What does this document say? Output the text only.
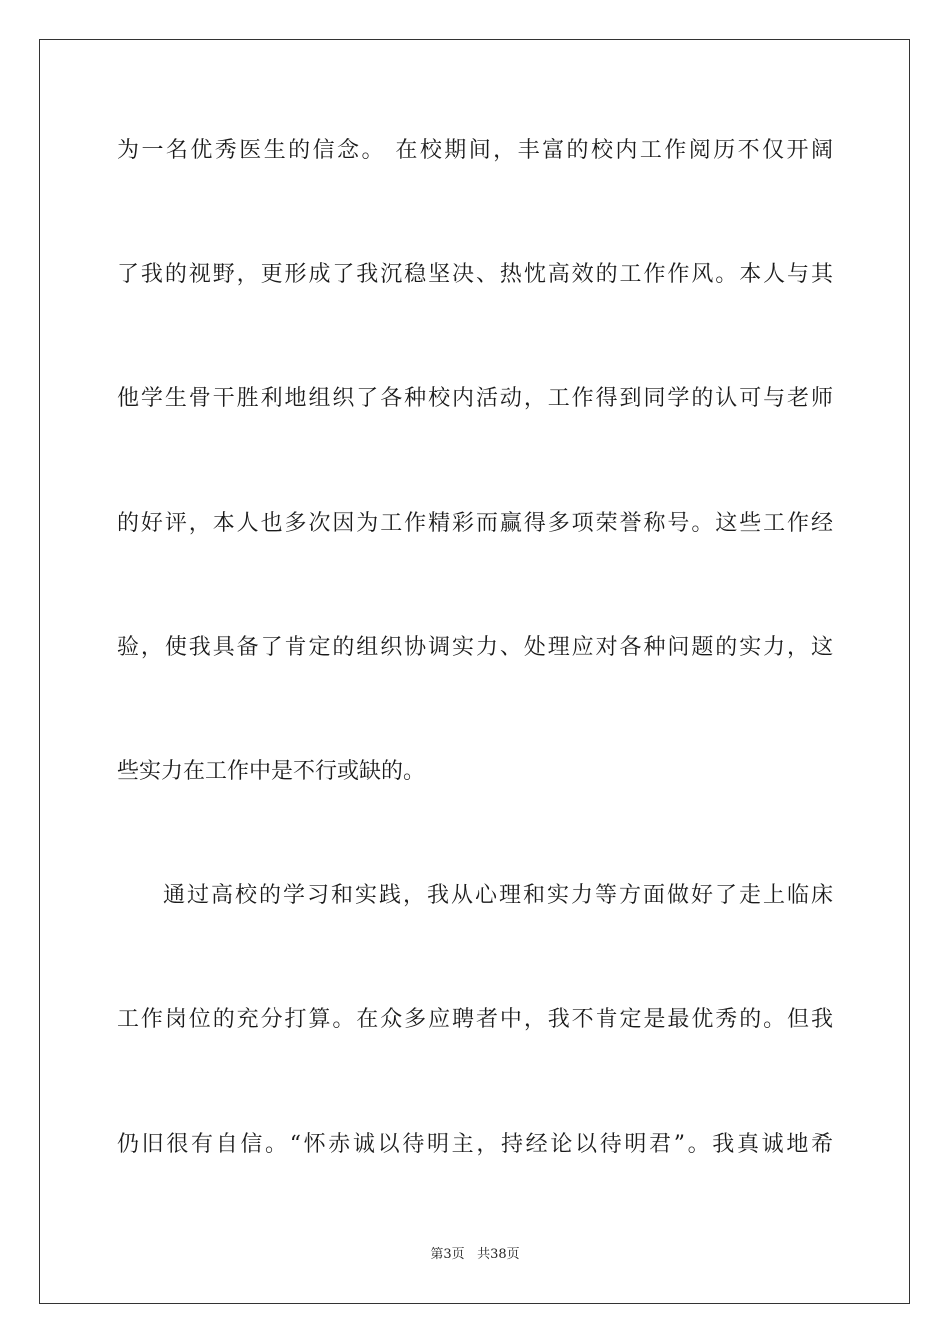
为一名优秀医生的信念。 在校期间，丰富的校内工作阅历不仅开阔
了我的视野，更形成了我沉稳坚决、热忱高效的工作作风。本人与其
他学生骨干胜利地组织了各种校内活动，工作得到同学的认可与老师
的好评，本人也多次因为工作精彩而赢得多项荣誉称号。这些工作经
验，使我具备了肯定的组织协调实力、处理应对各种问题的实力，这
些实力在工作中是不行或缺的。
通过高校的学习和实践，我从心理和实力等方面做好了走上临床
工作岗位的充分打算。在众多应聘者中，我不肯定是最优秀的。但我
仍旧很有自信。“怀赤诚以待明主，持经论以待明君”。我真诚地希
第3页 共38页
